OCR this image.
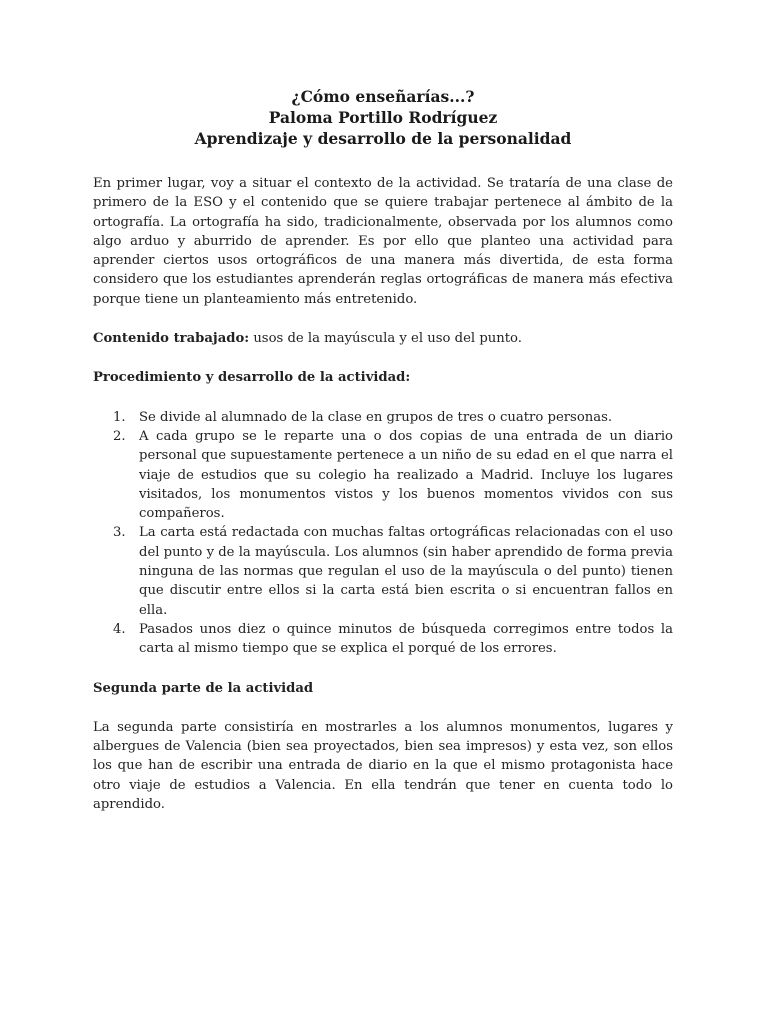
¿Cómo enseñarías...?
Paloma Portillo Rodríguez
Aprendizaje y desarrollo de la personalidad

En primer lugar, voy a situar el contexto de la actividad. Se trataría de una clase de primero de la ESO y el contenido que se quiere trabajar pertenece al ámbito de la ortografía. La ortografía ha sido, tradicionalmente, observada por los alumnos como algo arduo y aburrido de aprender. Es por ello que planteo una actividad para aprender ciertos usos ortográficos de una manera más divertida, de esta forma considero que los estudiantes aprenderán reglas ortográficas de manera más efectiva porque tiene un planteamiento más entretenido.

Contenido trabajado: usos de la mayúscula y el uso del punto.

Procedimiento y desarrollo de la actividad:

1. Se divide al alumnado de la clase en grupos de tres o cuatro personas.
2. A cada grupo se le reparte una o dos copias de una entrada de un diario personal que supuestamente pertenece a un niño de su edad en el que narra el viaje de estudios que su colegio ha realizado a Madrid. Incluye los lugares visitados, los monumentos vistos y los buenos momentos vividos con sus compañeros.
3. La carta está redactada con muchas faltas ortográficas relacionadas con el uso del punto y de la mayúscula. Los alumnos (sin haber aprendido de forma previa ninguna de las normas que regulan el uso de la mayúscula o del punto) tienen que discutir entre ellos si la carta está bien escrita o si encuentran fallos en ella.
4. Pasados unos diez o quince minutos de búsqueda corregimos entre todos la carta al mismo tiempo que se explica el porqué de los errores.

Segunda parte de la actividad

La segunda parte consistiría en mostrarles a los alumnos monumentos, lugares y albergues de Valencia (bien sea proyectados, bien sea impresos) y esta vez, son ellos los que han de escribir una entrada de diario en la que el mismo protagonista hace otro viaje de estudios a Valencia. En ella tendrán que tener en cuenta todo lo aprendido.
